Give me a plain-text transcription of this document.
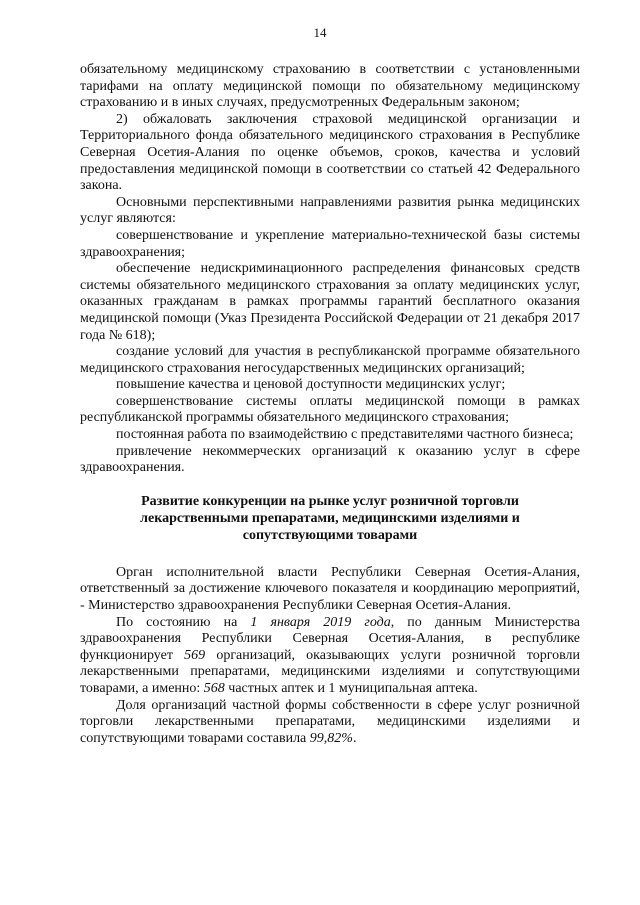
14

обязательному медицинскому страхованию в соответствии с установленными тарифами на оплату медицинской помощи по обязательному медицинскому страхованию и в иных случаях, предусмотренных Федеральным законом;

2) обжаловать заключения страховой медицинской организации и Территориального фонда обязательного медицинского страхования в Республике Северная Осетия-Алания по оценке объемов, сроков, качества и условий предоставления медицинской помощи в соответствии со статьей 42 Федерального закона.

Основными перспективными направлениями развития рынка медицинских услуг являются:

совершенствование и укрепление материально-технической базы системы здравоохранения;

обеспечение недискриминационного распределения финансовых средств системы обязательного медицинского страхования за оплату медицинских услуг, оказанных гражданам в рамках программы гарантий бесплатного оказания медицинской помощи (Указ Президента Российской Федерации от 21 декабря 2017 года № 618);

создание условий для участия в республиканской программе обязательного медицинского страхования негосударственных медицинских организаций;

повышение качества и ценовой доступности медицинских услуг;

совершенствование системы оплаты медицинской помощи в рамках республиканской программы обязательного медицинского страхования;

постоянная работа по взаимодействию с представителями частного бизнеса;

привлечение некоммерческих организаций к оказанию услуг в сфере здравоохранения.

Развитие конкуренции на рынке услуг розничной торговли
лекарственными препаратами, медицинскими изделиями и
сопутствующими товарами

Орган исполнительной власти Республики Северная Осетия-Алания, ответственный за достижение ключевого показателя и координацию мероприятий, - Министерство здравоохранения Республики Северная Осетия-Алания.

По состоянию на 1 января 2019 года, по данным Министерства здравоохранения Республики Северная Осетия-Алания, в республике функционирует 569 организаций, оказывающих услуги розничной торговли лекарственными препаратами, медицинскими изделиями и сопутствующими товарами, а именно: 568 частных аптек и 1 муниципальная аптека.

Доля организаций частной формы собственности в сфере услуг розничной торговли лекарственными препаратами, медицинскими изделиями и сопутствующими товарами составила 99,82%.
